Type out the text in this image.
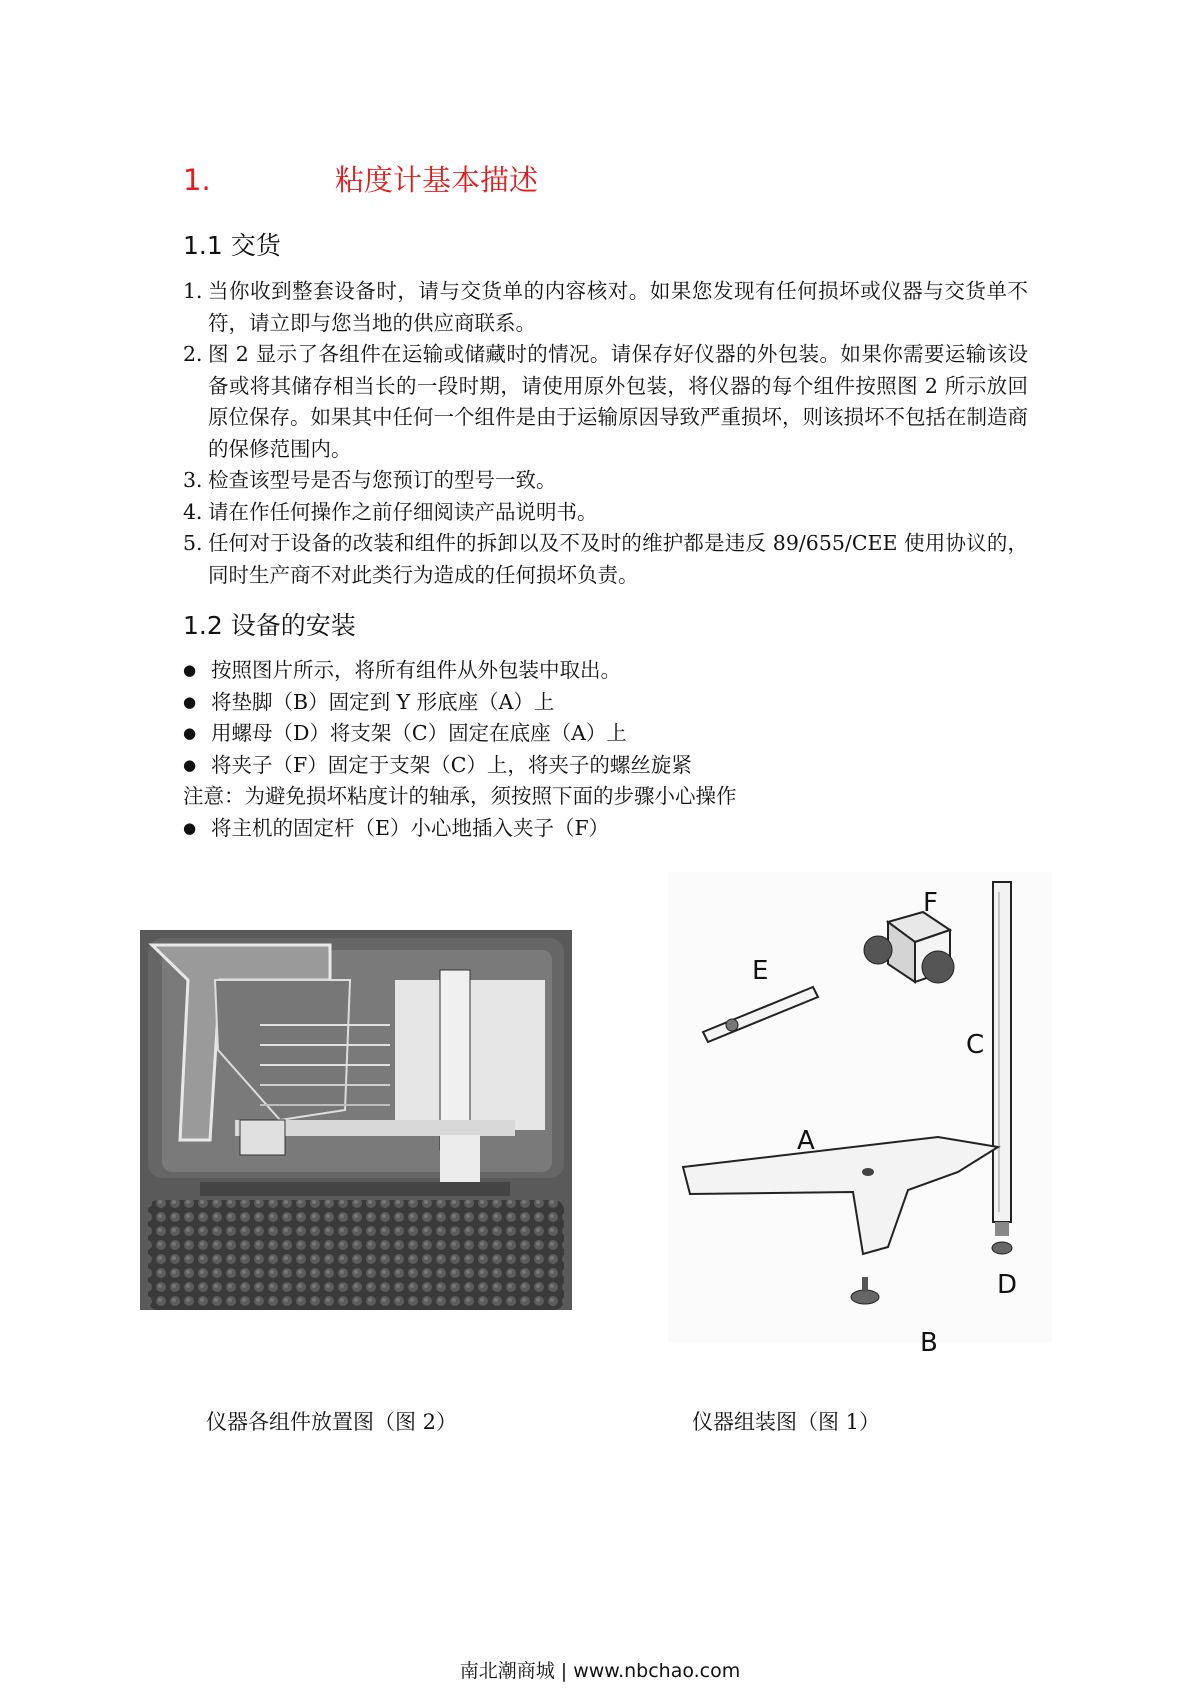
1.	粘度计基本描述
1.1 交货
1．
当你收到整套设备时，请与交货单的内容核对。如果您发现有任何损坏或仪器与交货单不符，请立即与您当地的供应商联系。
2．
图 2 显示了各组件在运输或储藏时的情况。请保存好仪器的外包装。如果你需要运输该设备或将其储存相当长的一段时期，请使用原外包装，将仪器的每个组件按照图 2 所示放回原位保存。如果其中任何一个组件是由于运输原因导致严重损坏，则该损坏不包括在制造商的保修范围内。
3．
检查该型号是否与您预订的型号一致。
4．
请在作任何操作之前仔细阅读产品说明书。
5. 任何对于设备的改装和组件的拆卸以及不及时的维护都是违反 89/655/CEE 使用协议的，同时生产商不对此类行为造成的任何损坏负责。
1.2 设备的安装
● 按照图片所示，将所有组件从外包装中取出。
● 将垫脚（B）固定到 Y 形底座（A）上
● 用螺母（D）将支架（C）固定在底座（A）上
● 将夹子（F）固定于支架（C）上，将夹子的螺丝旋紧

注意：为避免损坏粘度计的轴承，须按照下面的步骤小心操作

● 将主机的固定杆（E）小心地插入夹子（F）
F
E
C
A
D
B
仪器各组件放置图（图 2）	仪器组装图（图 1）
南北潮商城 | www.nbchao.com
